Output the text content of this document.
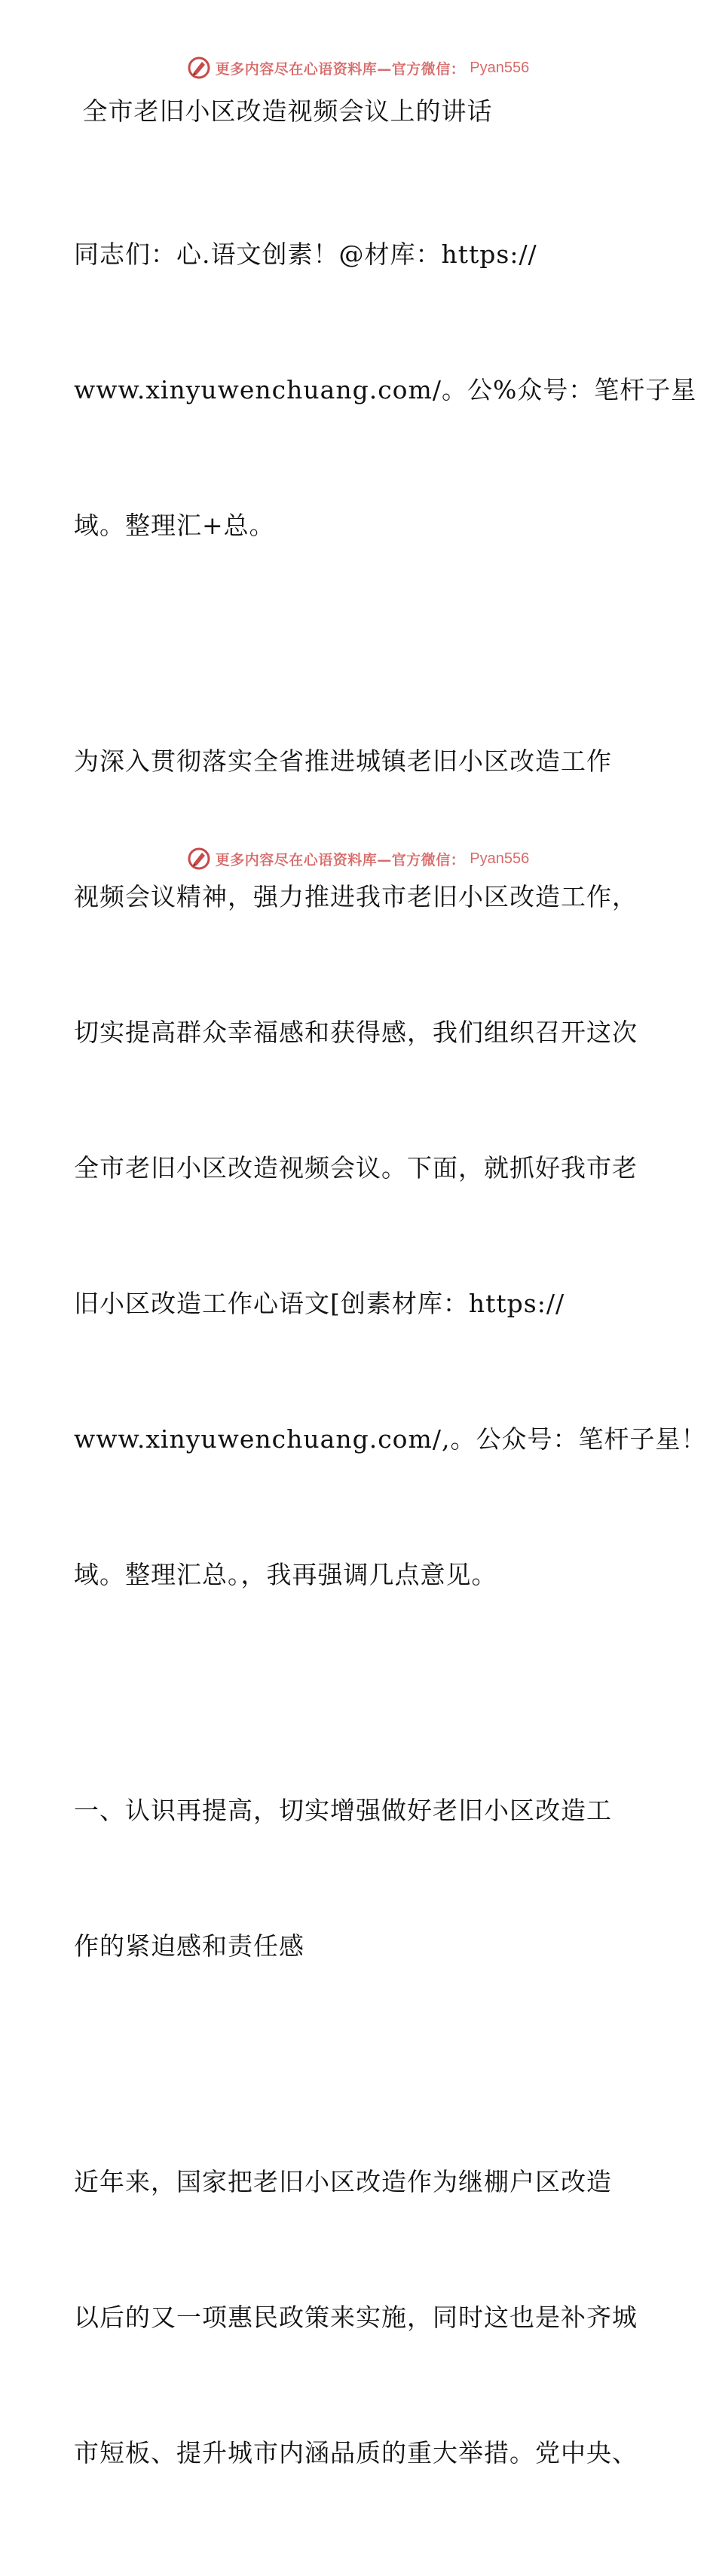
更多内容尽在心语资料库—官方微信： Pyan556

全市老旧小区改造视频会议上的讲话

同志们：心.语文创素！@材库：https://

www.xinyuwenchuang.com/。公%众号：笔杆子星

域。整理汇+总。

为深入贯彻落实全省推进城镇老旧小区改造工作

视频会议精神，强力推进我市老旧小区改造工作，

切实提高群众幸福感和获得感，我们组织召开这次

全市老旧小区改造视频会议。下面，就抓好我市老

旧小区改造工作心语文[创素材库：https://

www.xinyuwenchuang.com/,。公众号：笔杆子星！

域。整理汇总。，我再强调几点意见。

一、认识再提高，切实增强做好老旧小区改造工

作的紧迫感和责任感

近年来，国家把老旧小区改造作为继棚户区改造

以后的又一项惠民政策来实施，同时这也是补齐城

市短板、提升城市内涵品质的重大举措。党中央、

更多内容尽在心语资料库—官方微信： Pyan556
